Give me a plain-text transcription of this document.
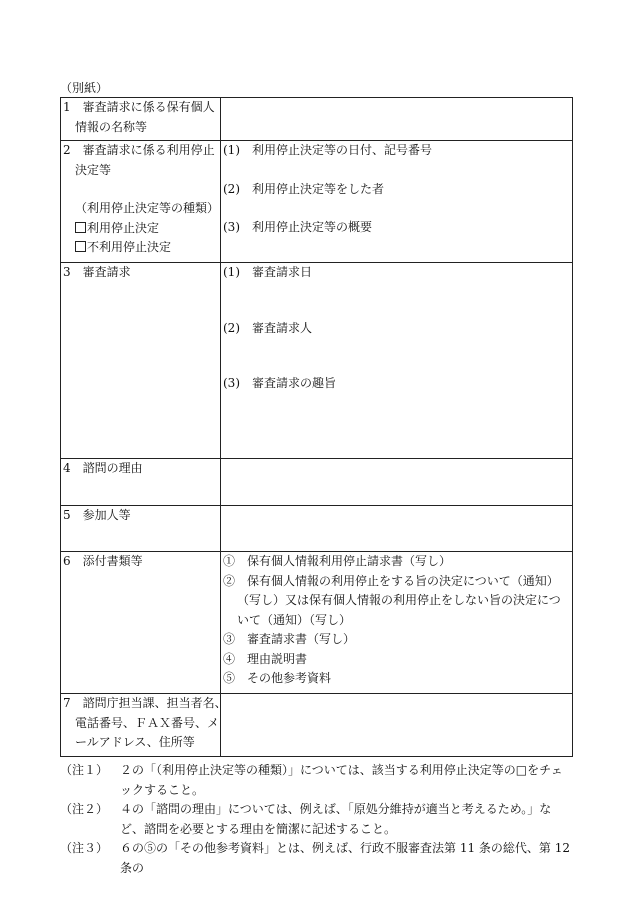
（別紙）
1　審査請求に係る保有個人
情報の名称等	

2　審査請求に係る利用停止
決定等
（利用停止決定等の種類）
利用停止決定
不利用停止決定	(1)　利用停止決定等の日付、記号番号
(2)　利用停止決定等をした者
(3)　利用停止決定等の概要

3　審査請求	(1)　審査請求日
(2)　審査請求人
(3)　審査請求の趣旨

4　諮問の理由	

5　参加人等	

6　添付書類等	①　保有個人情報利用停止請求書（写し）
②　保有個人情報の利用停止をする旨の決定について（通知）（写し）又は保有個人情報の利用停止をしない旨の決定について（通知）（写し）
③　審査請求書（写し）
④　理由説明書
⑤　その他参考資料

7　諮問庁担当課、担当者名、
電話番号、ＦＡＸ番号、メ
ールアドレス、住所等	

（注１） ２の「（利用停止決定等の種類）」については、該当する利用停止決定等の□をチェックすること。
（注２） ４の「諮問の理由」については、例えば、「原処分維持が適当と考えるため。」など、諮問を必要とする理由を簡潔に記述すること。
（注３） ６の⑤の「その他参考資料」とは、例えば、行政不服審査法第 11 条の総代、第 12 条の
